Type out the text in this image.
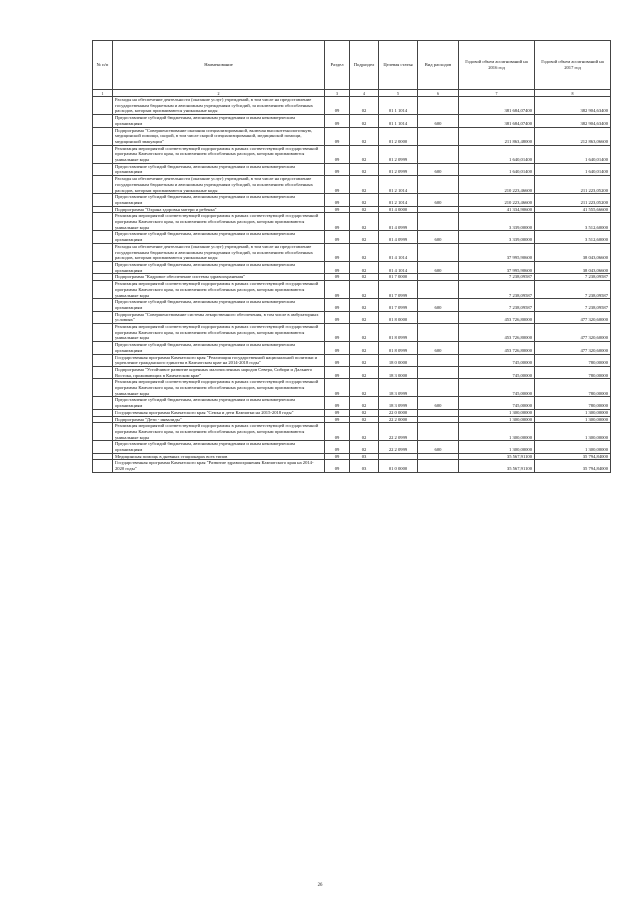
№ п/п	Наименование	Раздел	Подраздел	Целевая статья	Вид расходов	Годовой объем ассигнований на 2016 год	Годовой объем ассигнований на 2017 год
1	2	3	4	5	6	7	8
	Расходы на обеспечение деятельности (оказание услуг) учреждений, в том числе на предоставление государственным бюджетным и автономным учреждениям субсидий, за исключением обособленных расходов, которым присваиваются уникальные коды	09	02	01 1 1014		381 684,07400	382 904,63400
	Предоставление субсидий бюджетным, автономным учреждениям и иным некоммерческим организациям	09	02	01 1 1014	600	381 684,07400	382 904,63400
	Подпрограмма "Совершенствование оказания специализированной, включая высокотехнологичную, медицинской помощи, скорой, в том числе скорой специализированной, медицинской помощи, медицинской эвакуации"	09	02	01 2 0000		211 863,48000	212 863,06600
	Реализация мероприятий соответствующей подпрограммы в рамках соответствующей государственной программы Камчатского края, за исключением обособленных расходов, которым присваиваются уникальные коды	09	02	01 2 0999		1 640,01400	1 640,01400
	Предоставление субсидий бюджетным, автономным учреждениям и иным некоммерческим организациям	09	02	01 2 0999	600	1 640,01400	1 640,01400
	Расходы на обеспечение деятельности (оказание услуг) учреждений, в том числе на предоставление государственным бюджетным и автономным учреждениям субсидий, за исключением обособленных расходов, которым присваиваются уникальные коды	09	02	01 2 1014		210 223,46600	211 223,05200
	Предоставление субсидий бюджетным, автономным учреждениям и иным некоммерческим организациям	09	02	01 2 1014	600	210 223,46600	211 223,05200
	Подпрограмма "Охрана здоровья матери и ребенка"	09	02	01 4 0000		41 334,90600	41 555,66600
	Реализация мероприятий соответствующей подпрограммы в рамках соответствующей государственной программы Камчатского края, за исключением обособленных расходов, которым присваиваются уникальные коды	09	02	01 4 0999		3 339,00000	3 512,60000
	Предоставление субсидий бюджетным, автономным учреждениям и иным некоммерческим организациям	09	02	01 4 0999	600	3 339,00000	3 512,60000
	Расходы на обеспечение деятельности (оказание услуг) учреждений, в том числе на предоставление государственным бюджетным и автономным учреждениям субсидий, за исключением обособленных расходов, которым присваиваются уникальные коды	09	02	01 4 1014		37 995,90600	38 043,06600
	Предоставление субсидий бюджетным, автономным учреждениям и иным некоммерческим организациям	09	02	01 4 1014	600	37 995,90600	38 043,06600
	Подпрограмма "Кадровое обеспечение системы здравоохранения"	09	02	01 7 0000		7 238,09587	7 238,09587
	Реализация мероприятий соответствующей подпрограммы в рамках соответствующей государственной программы Камчатского края, за исключением обособленных расходов, которым присваиваются уникальные коды	09	02	01 7 0999		7 238,09587	7 238,09587
	Предоставление субсидий бюджетным, автономным учреждениям и иным некоммерческим организациям	09	02	01 7 0999	600	7 238,09587	7 238,09587
	Подпрограмма "Совершенствование системы лекарственного обеспечения, в том числе в амбулаторных условиях"	09	02	01 8 0000		453 726,80000	477 320,60000
	Реализация мероприятий соответствующей подпрограммы в рамках соответствующей государственной программы Камчатского края, за исключением обособленных расходов, которым присваиваются уникальные коды	09	02	01 8 0999		453 726,80000	477 320,60000
	Предоставление субсидий бюджетным, автономным учреждениям и иным некоммерческим организациям	09	02	01 8 0999	600	453 726,80000	477 320,60000
	Государственная программа Камчатского края "Реализация государственной национальной политики и укрепление гражданского единства в Камчатском крае на 2014-2018 годы"	09	02	18 0 0000		745,00000	780,00000
	Подпрограмма "Устойчивое развитие коренных малочисленных народов Севера, Сибири и Дальнего Востока, проживающих в Камчатском крае"	09	02	18 3 0000		745,00000	780,00000
	Реализация мероприятий соответствующей подпрограммы в рамках соответствующей государственной программы Камчатского края, за исключением обособленных расходов, которым присваиваются уникальные коды	09	02	18 3 0999		745,00000	780,00000
	Предоставление субсидий бюджетным, автономным учреждениям и иным некоммерческим организациям	09	02	18 3 0999	600	745,00000	780,00000
	Государственная программа Камчатского края "Семья и дети Камчатки на 2015-2018 годы"	09	02	22 0 0000		1 300,00000	1 300,00000
	Подпрограмма "Дети - инвалиды"	09	02	22 2 0000		1 300,00000	1 300,00000
	Реализация мероприятий соответствующей подпрограммы в рамках соответствующей государственной программы Камчатского края, за исключением обособленных расходов, которым присваиваются уникальные коды	09	02	22 2 0999		1 300,00000	1 300,00000
	Предоставление субсидий бюджетным, автономным учреждениям и иным некоммерческим организациям	09	02	22 2 0999	600	1 300,00000	1 300,00000
	Медицинская помощь в дневных стационарах всех типов	09	03			35 567,91100	35 794,84000
	Государственная программа Камчатского края "Развитие здравоохранения Камчатского края на 2014-2020 годы"	09	03	01 0 0000		35 567,91100	35 794,84000
26
